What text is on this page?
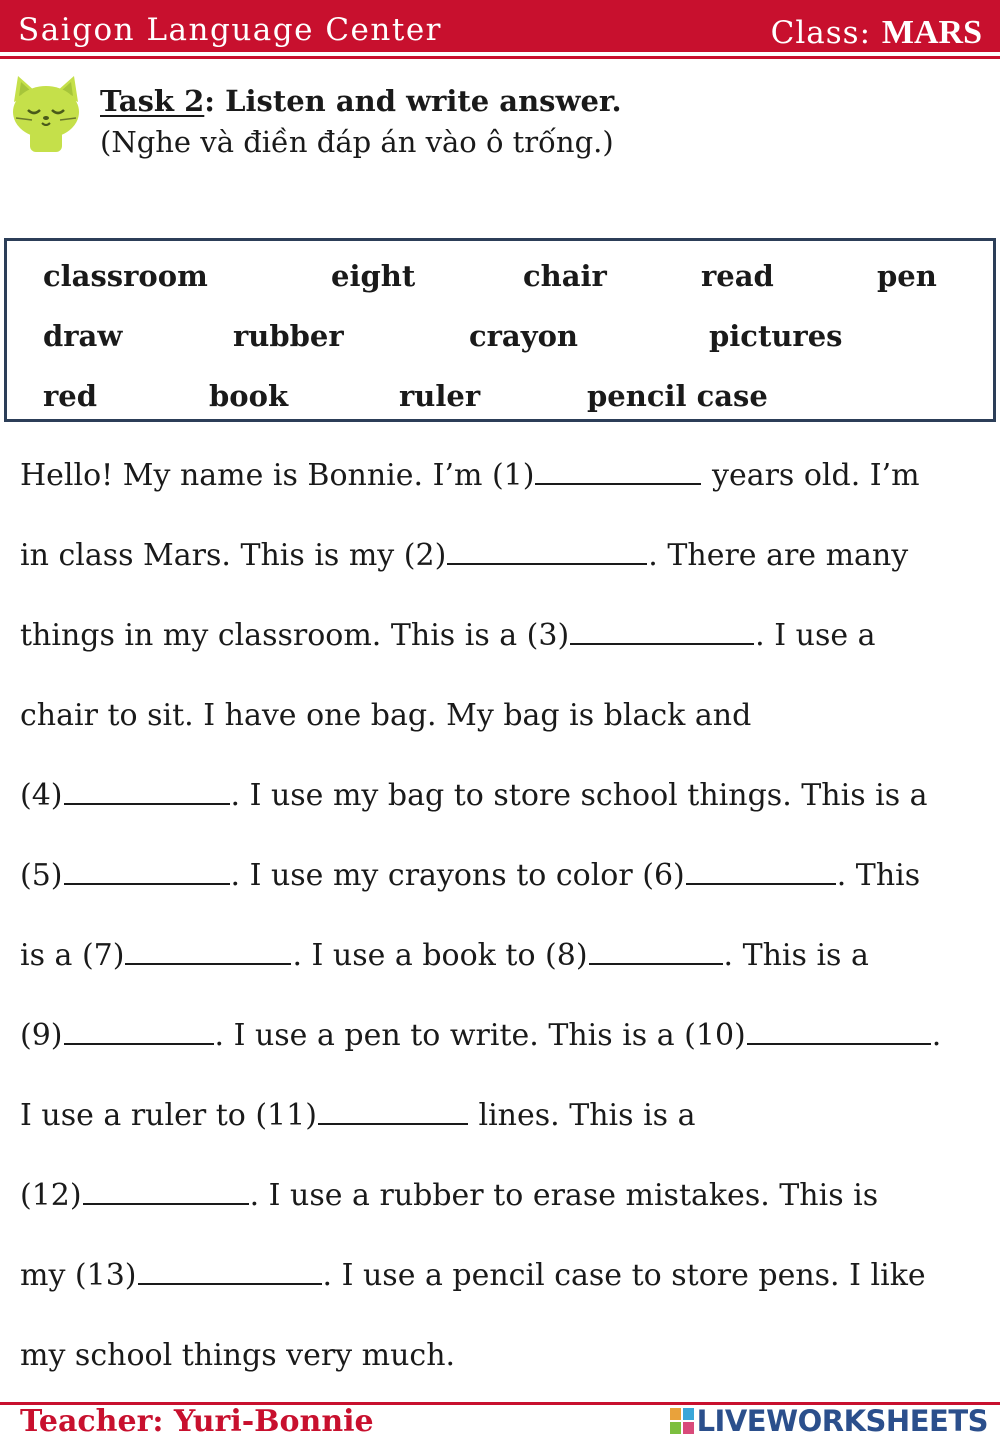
Saigon Language Center	Class: MARS
Task 2: Listen and write answer.
(Nghe và điền đáp án vào ô trống.)
classroom	eight	chair	read	pen
draw	rubber	crayon	pictures
red	book	ruler	pencil case
Hello! My name is Bonnie. I’m (1)	years old. I’m
in class Mars. This is my (2)	. There are many
things in my classroom. This is a (3)	. I use a
chair to sit. I have one bag. My bag is black and
(4)	. I use my bag to store school things. This is a
(5)	. I use my crayons to color (6)	. This
is a (7)	. I use a book to (8)	. This is a
(9)	. I use a pen to write. This is a (10)	.
I use a ruler to (11)	lines. This is a
(12)	. I use a rubber to erase mistakes. This is
my (13)	. I use a pencil case to store pens. I like
my school things very much.
Teacher: Yuri-Bonnie	LIVEWORKSHEETS
